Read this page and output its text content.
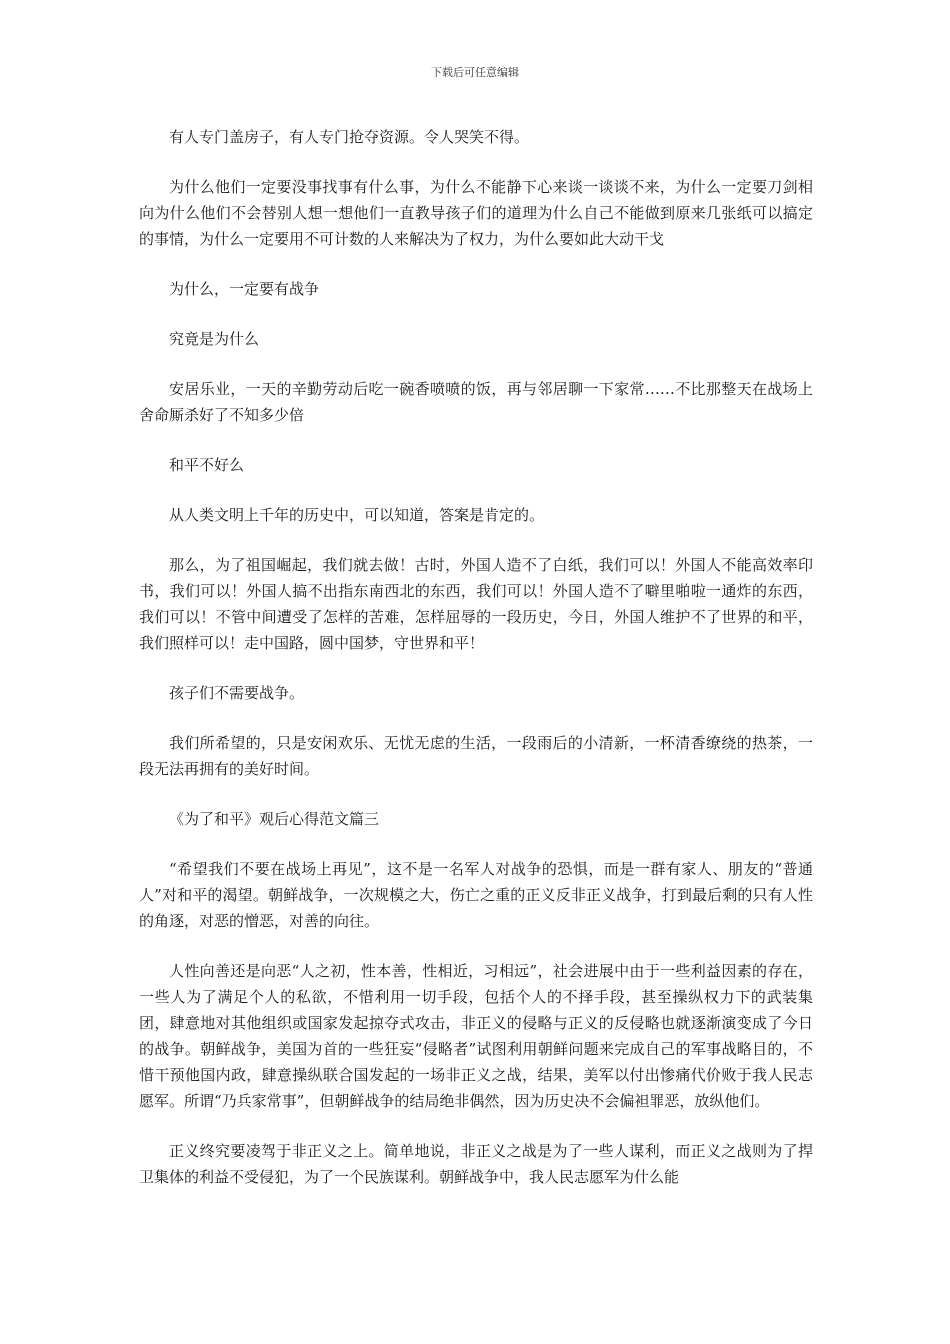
下载后可任意编辑

有人专门盖房子，有人专门抢夺资源。令人哭笑不得。

为什么他们一定要没事找事有什么事，为什么不能静下心来谈一谈谈不来，为什么一定要刀剑相向为什么他们不会替别人想一想他们一直教导孩子们的道理为什么自己不能做到原来几张纸可以搞定的事情，为什么一定要用不可计数的人来解决为了权力，为什么要如此大动干戈

为什么，一定要有战争

究竟是为什么

安居乐业，一天的辛勤劳动后吃一碗香喷喷的饭，再与邻居聊一下家常……不比那整天在战场上舍命厮杀好了不知多少倍

和平不好么

从人类文明上千年的历史中，可以知道，答案是肯定的。

那么，为了祖国崛起，我们就去做！古时，外国人造不了白纸，我们可以！外国人不能高效率印书，我们可以！外国人搞不出指东南西北的东西，我们可以！外国人造不了噼里啪啦一通炸的东西，我们可以！不管中间遭受了怎样的苦难，怎样屈辱的一段历史，今日，外国人维护不了世界的和平，我们照样可以！走中国路，圆中国梦，守世界和平！

孩子们不需要战争。

我们所希望的，只是安闲欢乐、无忧无虑的生活，一段雨后的小清新，一杯清香缭绕的热茶，一段无法再拥有的美好时间。

《为了和平》观后心得范文篇三

“希望我们不要在战场上再见”，这不是一名军人对战争的恐惧，而是一群有家人、朋友的“普通人”对和平的渴望。朝鲜战争，一次规模之大，伤亡之重的正义反非正义战争，打到最后剩的只有人性的角逐，对恶的憎恶，对善的向往。

人性向善还是向恶“人之初，性本善，性相近，习相远”，社会进展中由于一些利益因素的存在，一些人为了满足个人的私欲，不惜利用一切手段，包括个人的不择手段，甚至操纵权力下的武装集团，肆意地对其他组织或国家发起掠夺式攻击，非正义的侵略与正义的反侵略也就逐渐演变成了今日的战争。朝鲜战争，美国为首的一些狂妄“侵略者”试图利用朝鲜问题来完成自己的军事战略目的，不惜干预他国内政，肆意操纵联合国发起的一场非正义之战，结果，美军以付出惨痛代价败于我人民志愿军。所谓“乃兵家常事”，但朝鲜战争的结局绝非偶然，因为历史决不会偏袒罪恶，放纵他们。

正义终究要凌驾于非正义之上。简单地说，非正义之战是为了一些人谋利，而正义之战则为了捍卫集体的利益不受侵犯，为了一个民族谋利。朝鲜战争中，我人民志愿军为什么能
